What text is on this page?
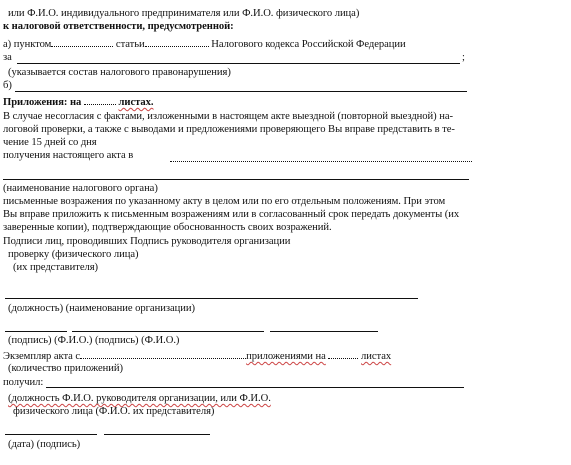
или Ф.И.О. индивидуального предпринимателя или Ф.И.О. физического лица)
к налоговой ответственности, предусмотренной:
а) пунктом	статьи	Налогового кодекса Российской Федерации
за	;
(указывается состав налогового правонарушения)
б)
Приложения: на	листах.
В случае несогласия с фактами, изложенными в настоящем акте выездной (повторной выездной) на-
логовой проверки, а также с выводами и предложениями проверяющего Вы вправе представить в те-
чение 15 дней со дня
получения настоящего акта в
(наименование налогового органа)
письменные возражения по указанному акту в целом или по его отдельным положениям. При этом
Вы вправе приложить к письменным возражениям или в согласованный срок передать документы (их
заверенные копии), подтверждающие обоснованность своих возражений.
Подписи лиц, проводивших Подпись руководителя организации
проверку (физического лица)
(их представителя)
(должность) (наименование организации)
(подпись) (Ф.И.О.) (подпись) (Ф.И.О.)
Экземпляр акта с	приложениями на	листах
(количество приложений)
получил:
(должность Ф.И.О. руководителя организации, или Ф.И.О.
физического лица (Ф.И.О. их представителя)
(дата) (подпись)
